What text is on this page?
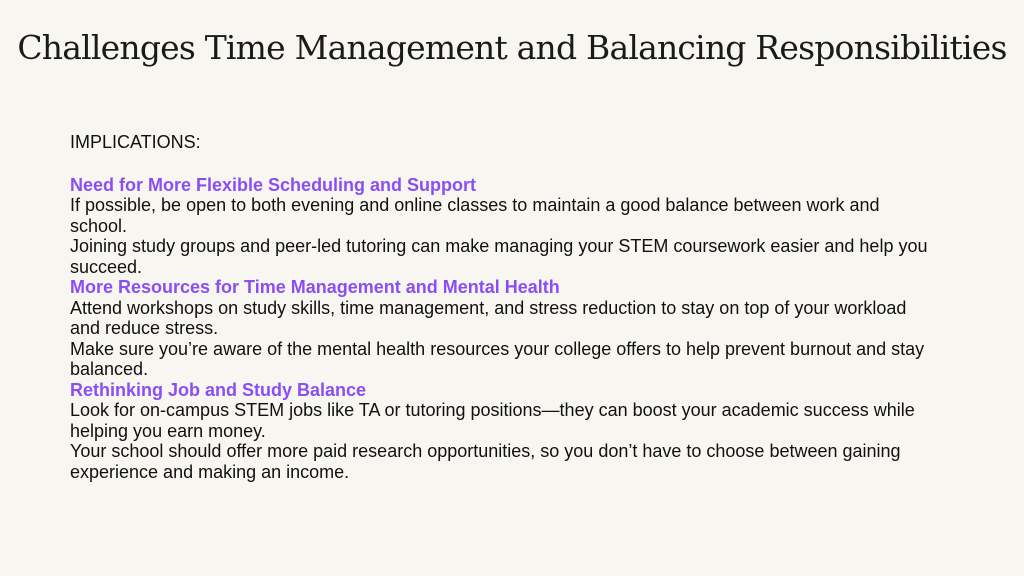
Challenges Time Management and Balancing Responsibilities

IMPLICATIONS:

Need for More Flexible Scheduling and Support

If possible, be open to both evening and online classes to maintain a good balance between work and school.

Joining study groups and peer-led tutoring can make managing your STEM coursework easier and help you succeed.

More Resources for Time Management and Mental Health

Attend workshops on study skills, time management, and stress reduction to stay on top of your workload and reduce stress.

Make sure you’re aware of the mental health resources your college offers to help prevent burnout and stay balanced.

Rethinking Job and Study Balance

Look for on-campus STEM jobs like TA or tutoring positions—they can boost your academic success while helping you earn money.

Your school should offer more paid research opportunities, so you don’t have to choose between gaining experience and making an income.
